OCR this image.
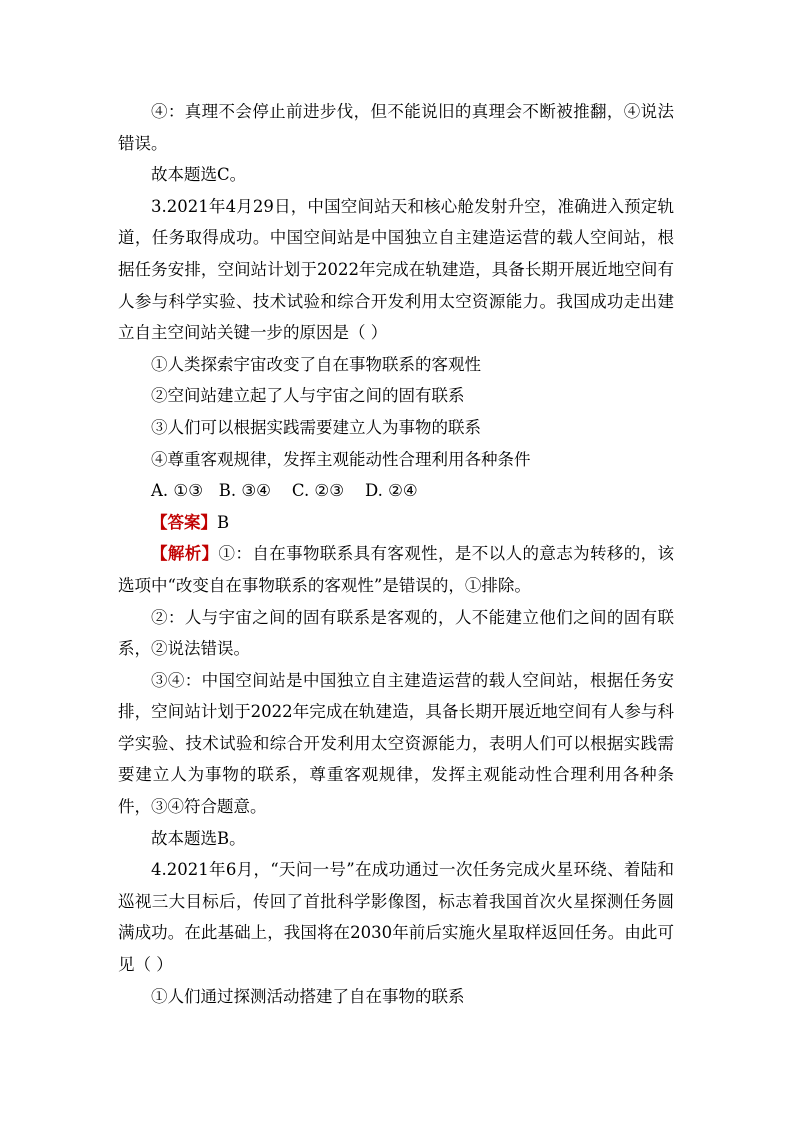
④：真理不会停止前进步伐，但不能说旧的真理会不断被推翻，④说法错误。

故本题选C。

3.2021年4月29日，中国空间站天和核心舱发射升空，准确进入预定轨道，任务取得成功。中国空间站是中国独立自主建造运营的载人空间站，根据任务安排，空间站计划于2022年完成在轨建造，具备长期开展近地空间有人参与科学实验、技术试验和综合开发利用太空资源能力。我国成功走出建立自主空间站关键一步的原因是（ ）

①人类探索宇宙改变了自在事物联系的客观性

②空间站建立起了人与宇宙之间的固有联系

③人们可以根据实践需要建立人为事物的联系

④尊重客观规律，发挥主观能动性合理利用各种条件

A. ①③   B. ③④    C. ②③    D. ②④

【答案】B

【解析】①：自在事物联系具有客观性，是不以人的意志为转移的，该选项中“改变自在事物联系的客观性”是错误的，①排除。

②：人与宇宙之间的固有联系是客观的，人不能建立他们之间的固有联系，②说法错误。

③④：中国空间站是中国独立自主建造运营的载人空间站，根据任务安排，空间站计划于2022年完成在轨建造，具备长期开展近地空间有人参与科学实验、技术试验和综合开发利用太空资源能力，表明人们可以根据实践需要建立人为事物的联系，尊重客观规律，发挥主观能动性合理利用各种条件，③④符合题意。

故本题选B。

4.2021年6月，“天问一号”在成功通过一次任务完成火星环绕、着陆和巡视三大目标后，传回了首批科学影像图，标志着我国首次火星探测任务圆满成功。在此基础上，我国将在2030年前后实施火星取样返回任务。由此可见（ ）

①人们通过探测活动搭建了自在事物的联系
